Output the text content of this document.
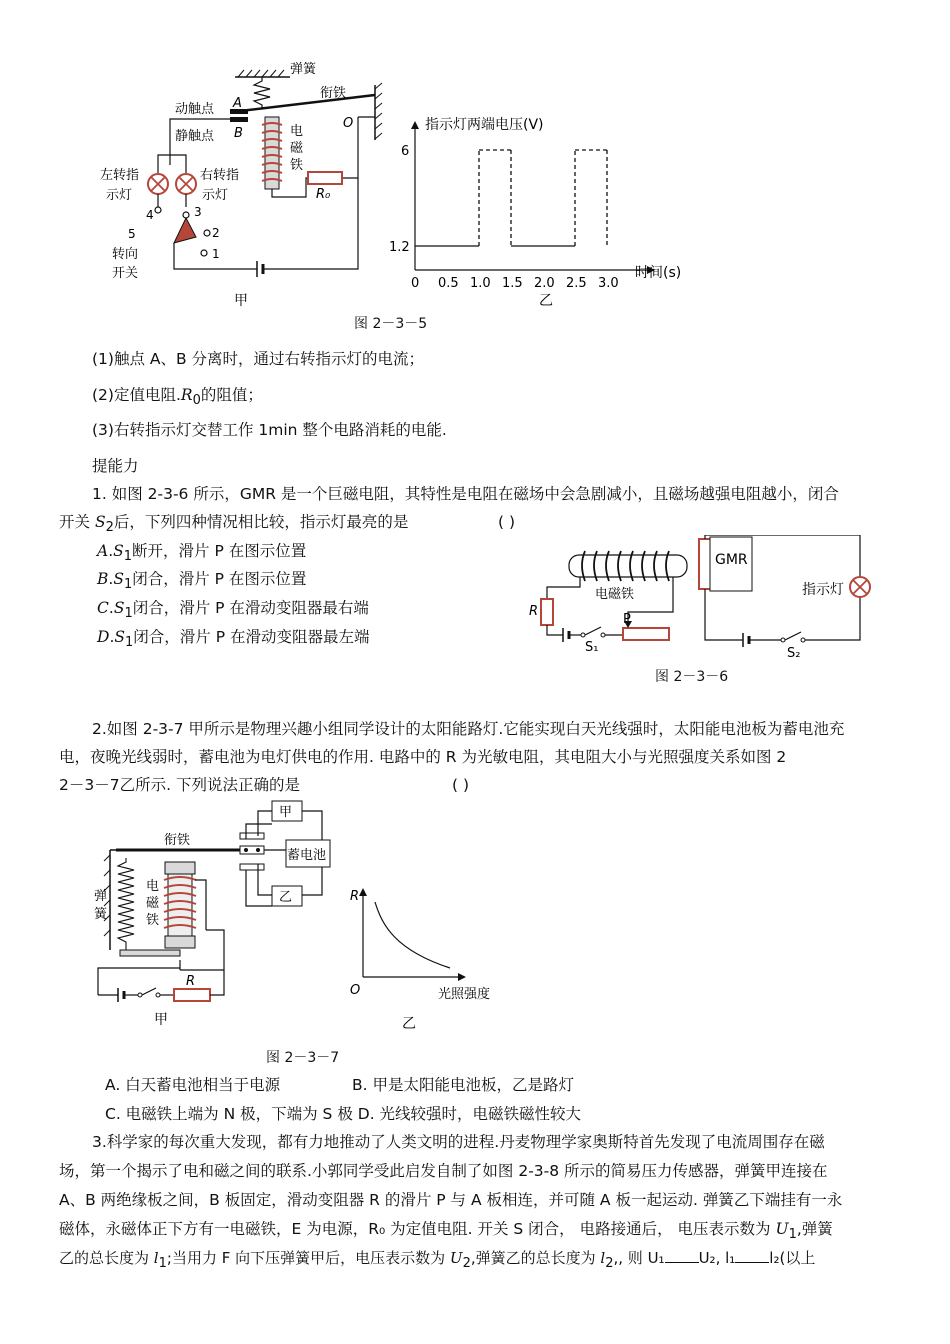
弹簧
衔铁
动触点
静触点
A
B
O
电
磁
铁
R₀
左转指
示灯
右转指
示灯
4	3
2
1
5
转向
开关
甲
指示灯两端电压(V)
时间(s)
0 0.5 1.0 1.5 2.0 2.5 3.0
1.2
6
乙
图 2－3－5
(1)触点 A、B 分离时，通过右转指示灯的电流；
(2)定值电阻$.R_0$的阻值；
(3)右转指示灯交替工作 1min 整个电路消耗的电能.
提能力
1. 如图 2-3-6 所示，GMR 是一个巨磁电阻，其特性是电阻在磁场中会急剧减小，且磁场越强电阻越小，闭合
开关 $S_2$后，下列四种情况相比较，指示灯最亮的是	( )
$A.S_1$断开，滑片 P 在图示位置
$B.S_1$闭合，滑片 P 在图示位置
$C.S_1$闭合，滑片 P 在滑动变阻器最右端
$D.S_1$闭合，滑片 P 在滑动变阻器最左端
电磁铁
GMR
指示灯
R
P
S₁	S₂
图 2－3－6
2.如图 2-3-7 甲所示是物理兴趣小组同学设计的太阳能路灯.它能实现白天光线强时，太阳能电池板为蓄电池充
电，夜晚光线弱时，蓄电池为电灯供电的作用. 电路中的 R 为光敏电阻，其电阻大小与光照强度关系如图 2
2－3－7乙所示. 下列说法正确的是	( )
衔铁
甲
蓄电池
乙
弹
簧
电
磁
铁
R
甲
R
O	光照强度
乙
图 2－3－7
A. 白天蓄电池相当于电源	B. 甲是太阳能电池板，乙是路灯
C. 电磁铁上端为 N 极，下端为 S 极 D. 光线较强时，电磁铁磁性较大
3.科学家的每次重大发现，都有力地推动了人类文明的进程.丹麦物理学家奥斯特首先发现了电流周围存在磁
场，第一个揭示了电和磁之间的联系.小郭同学受此启发自制了如图 2-3-8 所示的简易压力传感器，弹簧甲连接在
A、B 两绝缘板之间，B 板固定，滑动变阻器 R 的滑片 P 与 A 板相连，并可随 A 板一起运动. 弹簧乙下端挂有一永
磁体，永磁体正下方有一电磁铁，E 为电源，R₀ 为定值电阻. 开关 S 闭合， 电路接通后， 电压表示数为 $U_1$,弹簧
乙的总长度为 $l_1$;当用力 F 向下压弹簧甲后，电压表示数为 $U_2$,弹簧乙的总长度为 $l_2$,, 则 U₁ U₂, l₁ l₂(以上
